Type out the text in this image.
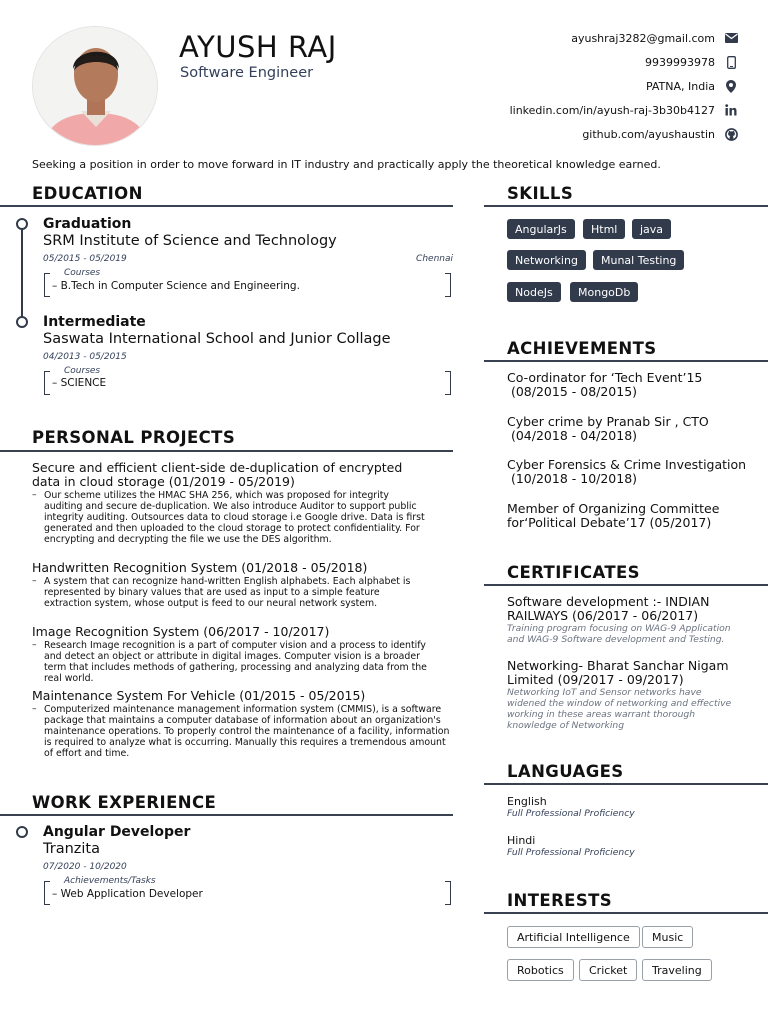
AYUSH RAJ
Software Engineer
ayushraj3282@gmail.com
9939993978
PATNA, India
linkedin.com/in/ayush-raj-3b30b4127
github.com/ayushaustin
Seeking a position in order to move forward in IT industry and practically apply the theoretical knowledge earned.
EDUCATION
Graduation
SRM Institute of Science and Technology
05/2015 - 05/2019	Chennai
Courses
– B.Tech in Computer Science and Engineering.
Intermediate
Saswata International School and Junior Collage
04/2013 - 05/2015
Courses
– SCIENCE
PERSONAL PROJECTS
Secure and efficient client-side de-duplication of encrypted data in cloud storage (01/2019 - 05/2019)
– Our scheme utilizes the HMAC SHA 256, which was proposed for integrity auditing and secure de-duplication. We also introduce Auditor to support public integrity auditing. Outsources data to cloud storage i.e Google drive. Data is first generated and then uploaded to the cloud storage to protect confidentiality. For encrypting and decrypting the file we use the DES algorithm.
Handwritten Recognition System (01/2018 - 05/2018)
– A system that can recognize hand-written English alphabets. Each alphabet is represented by binary values that are used as input to a simple feature extraction system, whose output is feed to our neural network system.
Image Recognition System (06/2017 - 10/2017)
– Research Image recognition is a part of computer vision and a process to identify and detect an object or attribute in digital images. Computer vision is a broader term that includes methods of gathering, processing and analyzing data from the real world.
Maintenance System For Vehicle (01/2015 - 05/2015)
– Computerized maintenance management information system (CMMIS), is a software package that maintains a computer database of information about an organization's maintenance operations. To properly control the maintenance of a facility, information is required to analyze what is occurring. Manually this requires a tremendous amount of effort and time.
WORK EXPERIENCE
Angular Developer
Tranzita
07/2020 - 10/2020
Achievements/Tasks
– Web Application Developer
SKILLS
AngularJs	Html	java
Networking	Munal Testing
NodeJs	MongoDb
ACHIEVEMENTS
Co-ordinator for ‘Tech Event’15
(08/2015 - 08/2015)
Cyber crime by Pranab Sir , CTO
(04/2018 - 04/2018)
Cyber Forensics & Crime Investigation
(10/2018 - 10/2018)
Member of Organizing Committee
for‘Political Debate’17 (05/2017)
CERTIFICATES
Software development :- INDIAN
RAILWAYS (06/2017 - 06/2017)
Training program focusing on WAG-9 Application
and WAG-9 Software development and Testing.
Networking- Bharat Sanchar Nigam
Limited (09/2017 - 09/2017)
Networking IoT and Sensor networks have
widened the window of networking and effective
working in these areas warrant thorough
knowledge of Networking
LANGUAGES
English
Full Professional Proficiency
Hindi
Full Professional Proficiency
INTERESTS
Artificial Intelligence	Music
Robotics	Cricket	Traveling
